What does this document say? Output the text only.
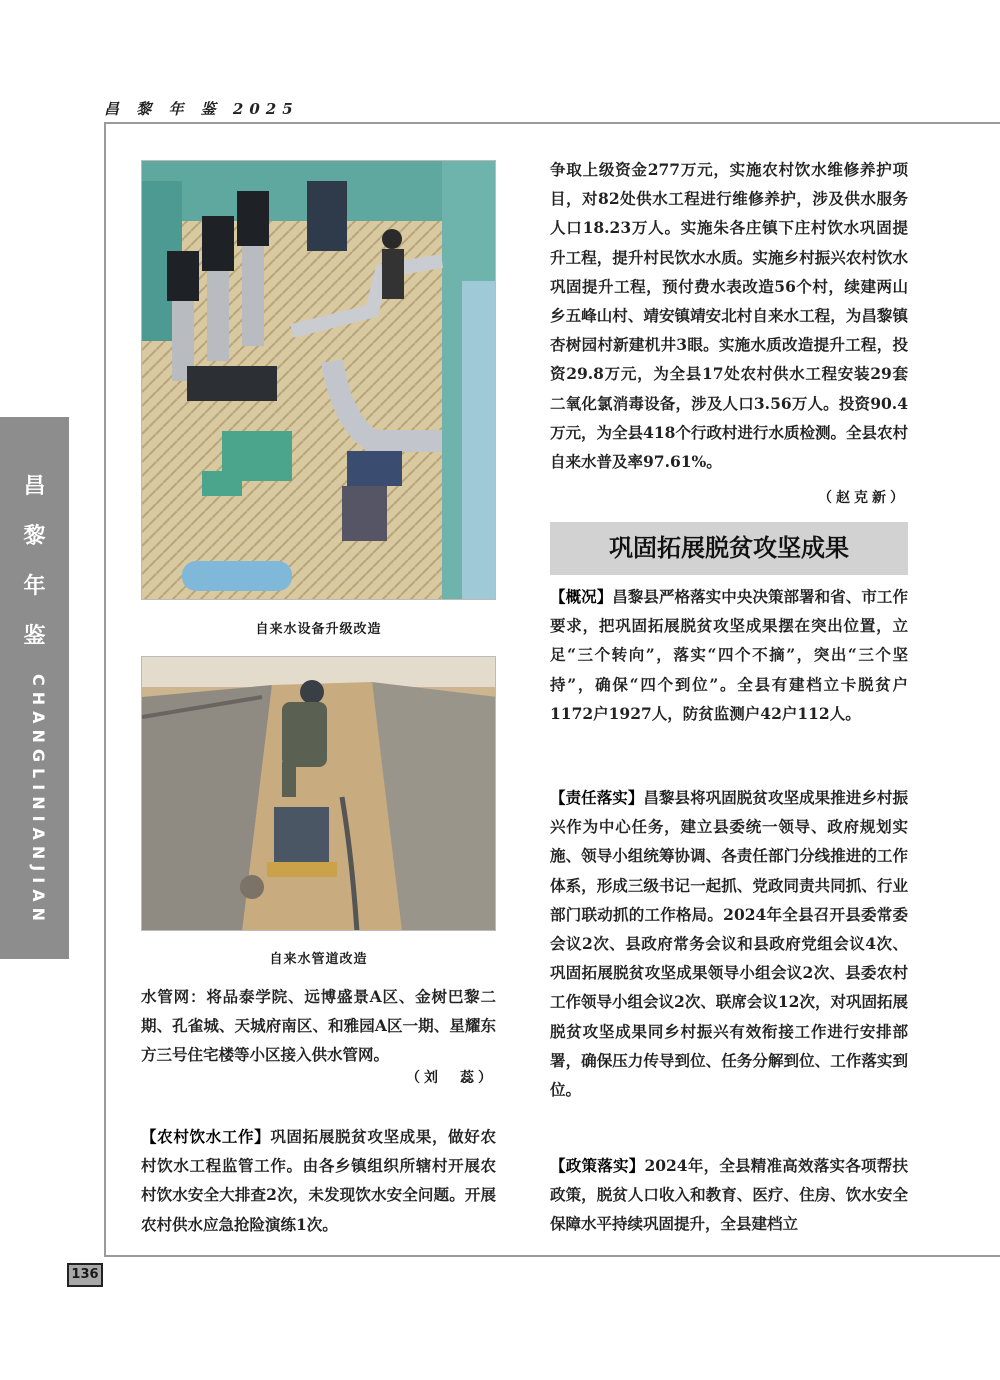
昌 黎 年 鉴 2025
昌
黎
年
鉴
CHANGLINIANJIAN
136
自来水设备升级改造
自来水管道改造
水管网：将品泰学院、远博盛景A区、金树巴黎二期、孔雀城、天城府南区、和雅园A区一期、星耀东方三号住宅楼等小区接入供水管网。
（刘　蕊）
【农村饮水工作】巩固拓展脱贫攻坚成果，做好农村饮水工程监管工作。由各乡镇组织所辖村开展农村饮水安全大排查2次，未发现饮水安全问题。开展农村供水应急抢险演练1次。
争取上级资金277万元，实施农村饮水维修养护项目，对82处供水工程进行维修养护，涉及供水服务人口18.23万人。实施朱各庄镇下庄村饮水巩固提升工程，提升村民饮水水质。实施乡村振兴农村饮水巩固提升工程，预付费水表改造56个村，续建两山乡五峰山村、靖安镇靖安北村自来水工程，为昌黎镇杏树园村新建机井3眼。实施水质改造提升工程，投资29.8万元，为全县17处农村供水工程安装29套二氧化氯消毒设备，涉及人口3.56万人。投资90.4万元，为全县418个行政村进行水质检测。全县农村自来水普及率97.61%。
（赵克新）
巩固拓展脱贫攻坚成果
【概况】昌黎县严格落实中央决策部署和省、市工作要求，把巩固拓展脱贫攻坚成果摆在突出位置，立足“三个转向”，落实“四个不摘”，突出“三个坚持”，确保“四个到位”。全县有建档立卡脱贫户1172户1927人，防贫监测户42户112人。
【责任落实】昌黎县将巩固脱贫攻坚成果推进乡村振兴作为中心任务，建立县委统一领导、政府规划实施、领导小组统筹协调、各责任部门分线推进的工作体系，形成三级书记一起抓、党政同责共同抓、行业部门联动抓的工作格局。2024年全县召开县委常委会议2次、县政府常务会议和县政府党组会议4次、巩固拓展脱贫攻坚成果领导小组会议2次、县委农村工作领导小组会议2次、联席会议12次，对巩固拓展脱贫攻坚成果同乡村振兴有效衔接工作进行安排部署，确保压力传导到位、任务分解到位、工作落实到位。
【政策落实】2024年，全县精准高效落实各项帮扶政策，脱贫人口收入和教育、医疗、住房、饮水安全保障水平持续巩固提升，全县建档立
